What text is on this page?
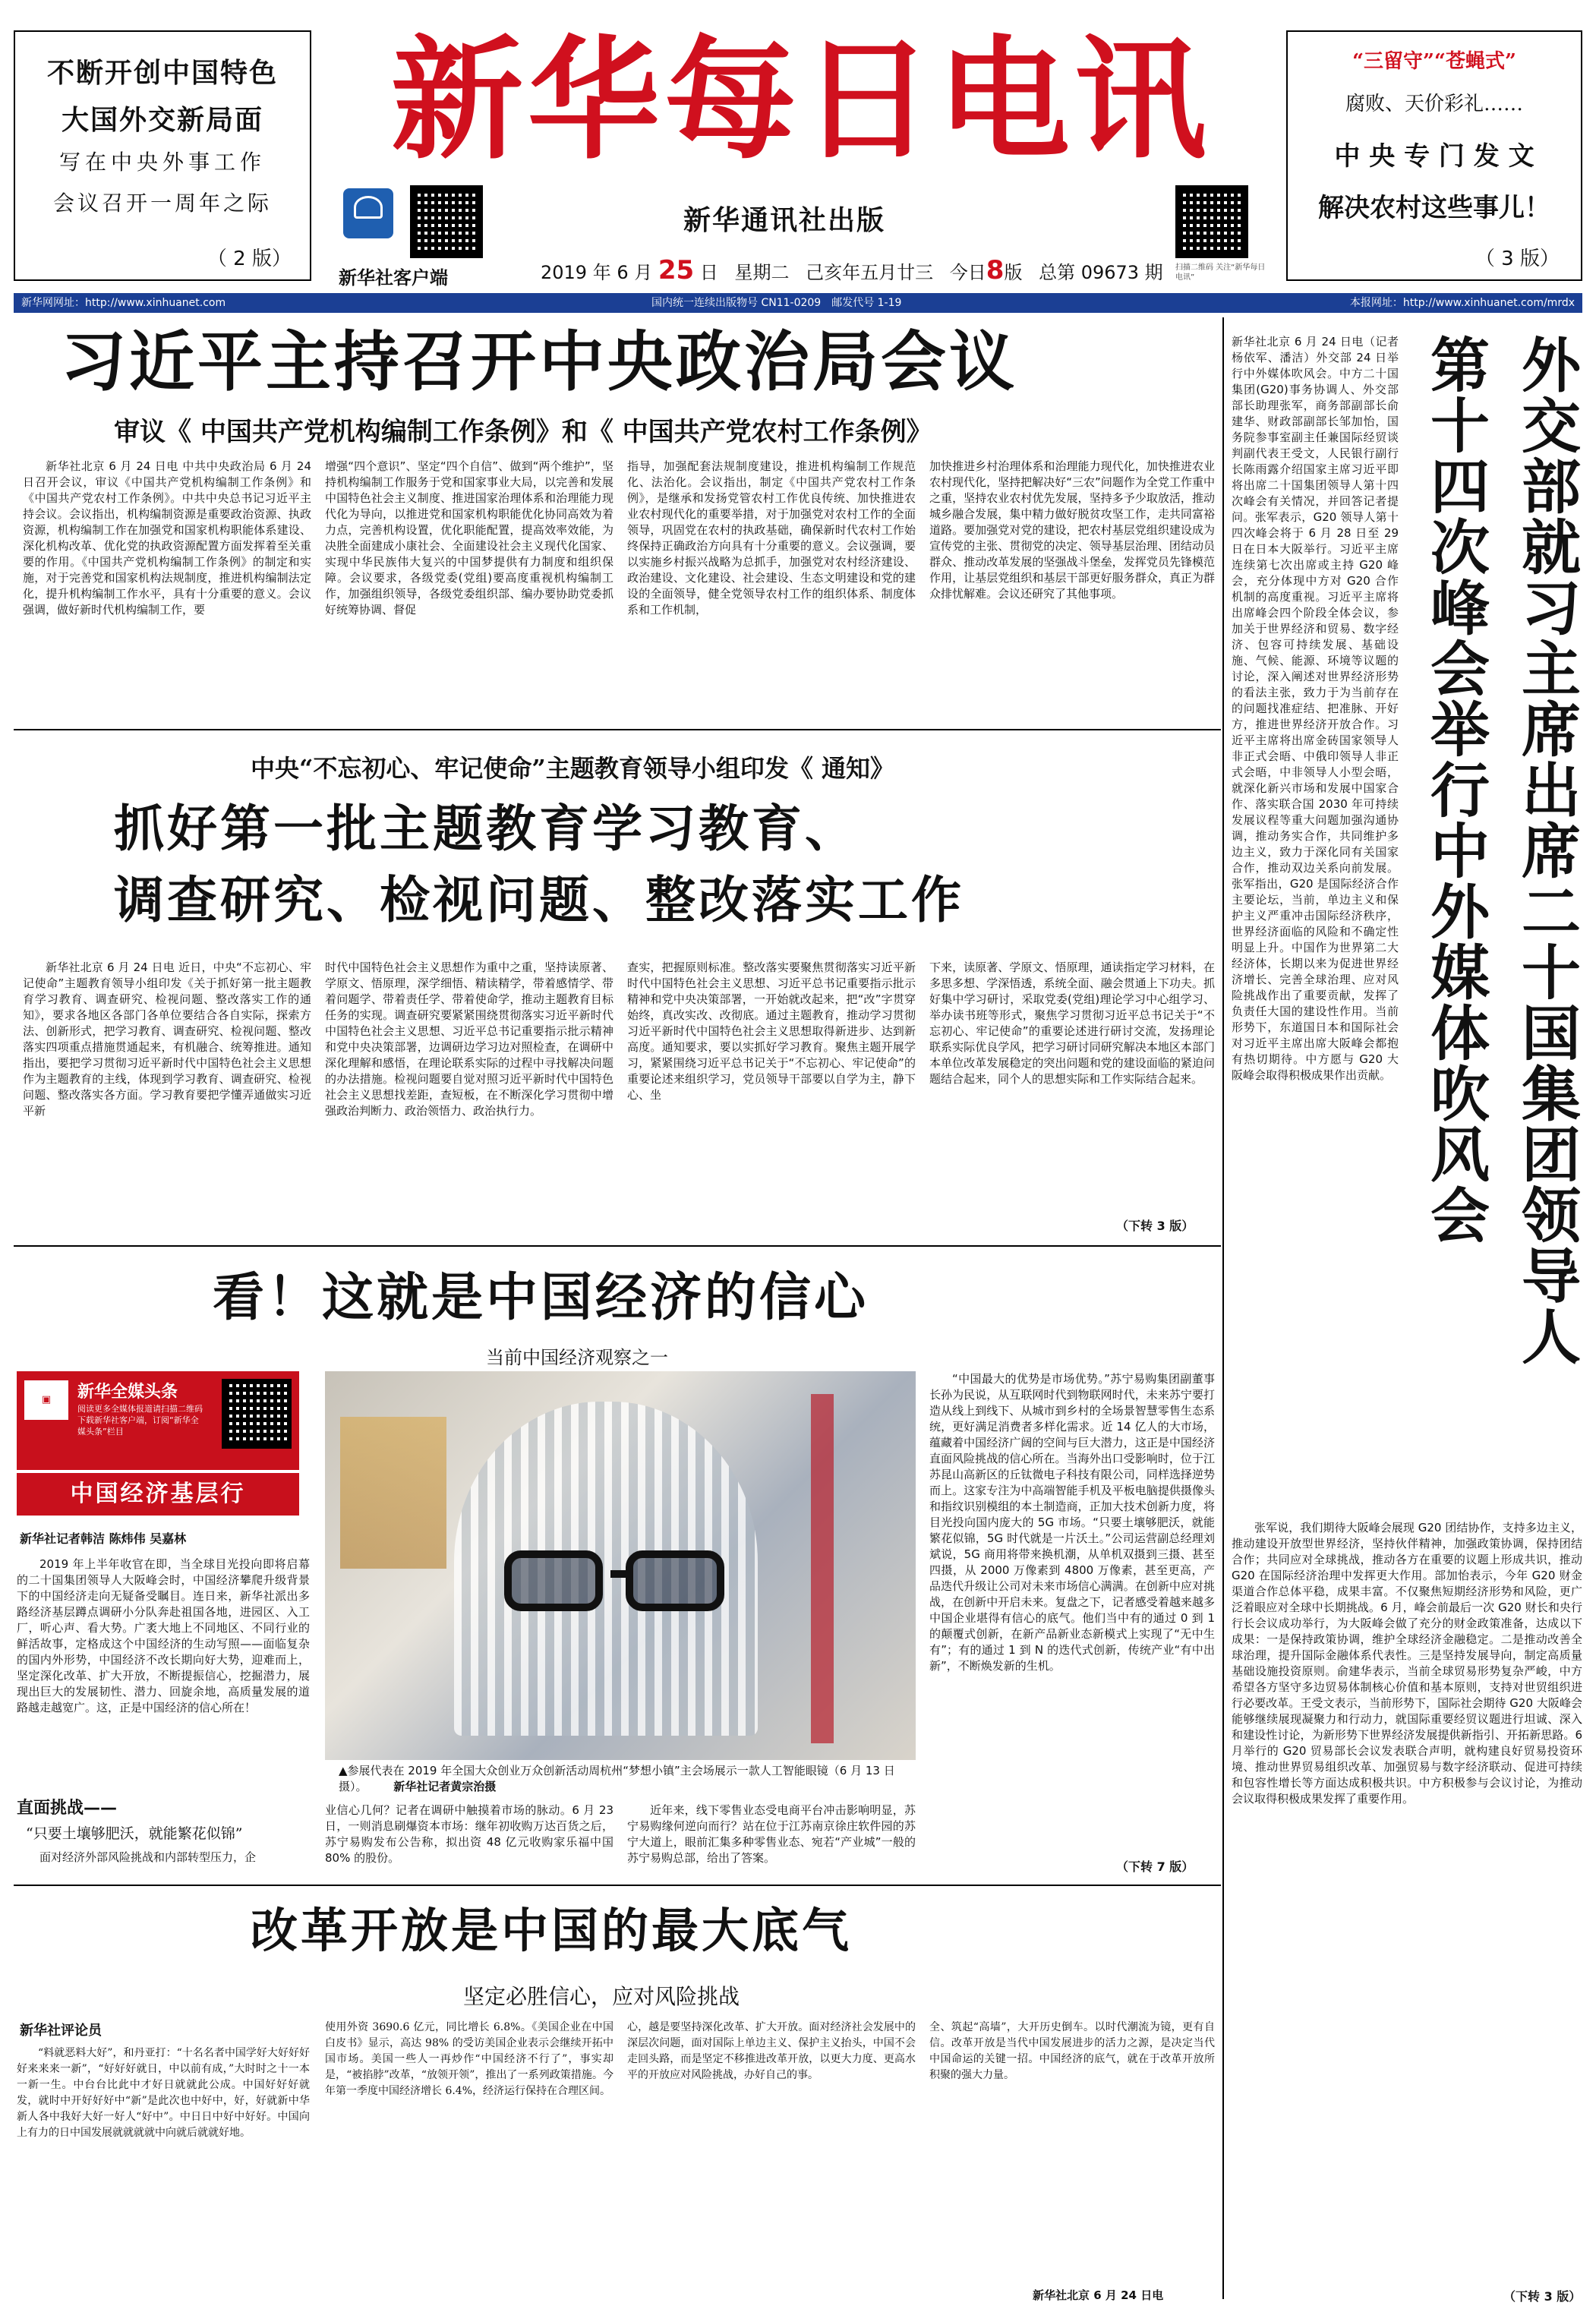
不断开创中国特色
大国外交新局面
写在中央外事工作
会议召开一周年之际
（ 2 版）
新华每日电讯
新华社客户端
新华通讯社出版
2019 年 6 月 25 日 星期二 己亥年五月廿三 今日8版 总第 09673 期 扫描二维码 关注“新华每日电讯”
“三留守”“苍蝇式”
腐败、天价彩礼……
中 央 专 门 发 文
解决农村这些事儿！
（ 3 版）
新华网网址：http://www.xinhuanet.com	国内统一连续出版物号 CN11-0209　邮发代号 1-19	本报网址：http://www.xinhuanet.com/mrdx
习近平主持召开中央政治局会议
审议《 中国共产党机构编制工作条例》和《 中国共产党农村工作条例》

新华社北京 6 月 24 日电 中共中央政治局 6 月 24 日召开会议，审议《中国共产党机构编制工作条例》和《中国共产党农村工作条例》。中共中央总书记习近平主持会议。会议指出，机构编制资源是重要政治资源、执政资源，机构编制工作在加强党和国家机构职能体系建设、深化机构改革、优化党的执政资源配置方面发挥着至关重要的作用。《中国共产党机构编制工作条例》的制定和实施，对于完善党和国家机构法规制度，推进机构编制法定化，提升机构编制工作水平，具有十分重要的意义。会议强调，做好新时代机构编制工作，要

增强“四个意识”、坚定“四个自信”、做到“两个维护”，坚持机构编制工作服务于党和国家事业大局，以完善和发展中国特色社会主义制度、推进国家治理体系和治理能力现代化为导向，以推进党和国家机构职能优化协同高效为着力点，完善机构设置，优化职能配置，提高效率效能，为决胜全面建成小康社会、全面建设社会主义现代化国家、实现中华民族伟大复兴的中国梦提供有力制度和组织保障。会议要求，各级党委(党组)要高度重视机构编制工作，加强组织领导，各级党委组织部、编办要协助党委抓好统筹协调、督促

指导，加强配套法规制度建设，推进机构编制工作规范化、法治化。会议指出，制定《中国共产党农村工作条例》，是继承和发扬党管农村工作优良传统、加快推进农业农村现代化的重要举措，对于加强党对农村工作的全面领导，巩固党在农村的执政基础，确保新时代农村工作始终保持正确政治方向具有十分重要的意义。会议强调，要以实施乡村振兴战略为总抓手，加强党对农村经济建设、政治建设、文化建设、社会建设、生态文明建设和党的建设的全面领导，健全党领导农村工作的组织体系、制度体系和工作机制，

加快推进乡村治理体系和治理能力现代化，加快推进农业农村现代化，坚持把解决好“三农”问题作为全党工作重中之重，坚持农业农村优先发展，坚持多予少取放活，推动城乡融合发展，集中精力做好脱贫攻坚工作，走共同富裕道路。要加强党对党的建设，把农村基层党组织建设成为宣传党的主张、贯彻党的决定、领导基层治理、团结动员群众、推动改革发展的坚强战斗堡垒，发挥党员先锋模范作用，让基层党组织和基层干部更好服务群众，真正为群众排忧解难。会议还研究了其他事项。

中央“不忘初心、牢记使命”主题教育领导小组印发《 通知》
抓好第一批主题教育学习教育、
调查研究、检视问题、整改落实工作

新华社北京 6 月 24 日电 近日，中央“不忘初心、牢记使命”主题教育领导小组印发《关于抓好第一批主题教育学习教育、调查研究、检视问题、整改落实工作的通知》，要求各地区各部门各单位要结合各自实际，探索方法、创新形式，把学习教育、调查研究、检视问题、整改落实四项重点措施贯通起来，有机融合、统筹推进。通知指出，要把学习贯彻习近平新时代中国特色社会主义思想作为主题教育的主线，体现到学习教育、调查研究、检视问题、整改落实各方面。学习教育要把学懂弄通做实习近平新

时代中国特色社会主义思想作为重中之重，坚持读原著、学原文、悟原理，深学细悟、精读精学，带着感情学、带着问题学、带着责任学、带着使命学，推动主题教育目标任务的实现。调查研究要紧紧围绕贯彻落实习近平新时代中国特色社会主义思想、习近平总书记重要指示批示精神和党中央决策部署，边调研边学习边对照检查，在调研中深化理解和感悟，在理论联系实际的过程中寻找解决问题的办法措施。检视问题要自觉对照习近平新时代中国特色社会主义思想找差距，查短板，在不断深化学习贯彻中增强政治判断力、政治领悟力、政治执行力。

查实，把握原则标准。整改落实要聚焦贯彻落实习近平新时代中国特色社会主义思想、习近平总书记重要指示批示精神和党中央决策部署，一开始就改起来，把“改”字贯穿始终，真改实改、改彻底。通过主题教育，推动学习贯彻习近平新时代中国特色社会主义思想取得新进步、达到新高度。通知要求，要以实抓好学习教育。聚焦主题开展学习，紧紧围绕习近平总书记关于“不忘初心、牢记使命”的重要论述来组织学习，党员领导干部要以自学为主，静下心、坐

下来，读原著、学原文、悟原理，通读指定学习材料，在多思多想、学深悟透，系统全面、融会贯通上下功夫。抓好集中学习研讨，采取党委(党组)理论学习中心组学习、举办读书班等形式，聚焦学习贯彻习近平总书记关于“不忘初心、牢记使命”的重要论述进行研讨交流，发扬理论联系实际优良学风，把学习研讨同研究解决本地区本部门本单位改革发展稳定的突出问题和党的建设面临的紧迫问题结合起来，同个人的思想实际和工作实际结合起来。

（下转 3 版）
看！这就是中国经济的信心
当前中国经济观察之一
▣	新华全媒头条
阅读更多全媒体报道请扫描二维码下载新华社客户端，订阅“新华全媒头条”栏目
中国经济基层行
新华社记者韩洁 陈炜伟 吴嘉林

2019 年上半年收官在即，当全球目光投向即将启幕的二十国集团领导人大阪峰会时，中国经济攀爬升级背景下的中国经济走向无疑备受瞩目。连日来，新华社派出多路经济基层蹲点调研小分队奔赴祖国各地，进园区、入工厂，听心声、看大势。广袤大地上不同地区、不同行业的鲜活故事，定格成这个中国经济的生动写照——面临复杂的国内外形势，中国经济不改长期向好大势，迎难而上，坚定深化改革、扩大开放，不断提振信心，挖掘潜力，展现出巨大的发展韧性、潜力、回旋余地，高质量发展的道路越走越宽广。这，正是中国经济的信心所在！

直面挑战——
“只要土壤够肥沃，就能繁花似锦”

面对经济外部风险挑战和内部转型压力，企

▲参展代表在 2019 年全国大众创业万众创新活动周杭州“梦想小镇”主会场展示一款人工智能眼镜（6 月 13 日摄）。 新华社记者黄宗治摄

业信心几何？记者在调研中触摸着市场的脉动。6 月 23 日，一则消息刷爆资本市场：继年初收购万达百货之后，苏宁易购发布公告称，拟出资 48 亿元收购家乐福中国 80% 的股份。

近年来，线下零售业态受电商平台冲击影响明显，苏宁易购缘何逆向而行？站在位于江苏南京徐庄软件园的苏宁大道上，眼前汇集多种零售业态、宛若“产业城”一般的苏宁易购总部，给出了答案。

“中国最大的优势是市场优势。”苏宁易购集团副董事长孙为民说，从互联网时代到物联网时代，未来苏宁要打造从线上到线下、从城市到乡村的全场景智慧零售生态系统，更好满足消费者多样化需求。近 14 亿人的大市场，蕴藏着中国经济广阔的空间与巨大潜力，这正是中国经济直面风险挑战的信心所在。当海外出口受影响时，位于江苏昆山高新区的丘钛微电子科技有限公司，同样选择逆势而上。这家专注为中高端智能手机及平板电脑提供摄像头和指纹识别模组的本土制造商，正加大技术创新力度，将目光投向国内庞大的 5G 市场。“只要土壤够肥沃，就能繁花似锦，5G 时代就是一片沃土。”公司运营副总经理刘斌说，5G 商用将带来换机潮，从单机双摄到三摄、甚至四摄，从 2000 万像素到 4800 万像素，甚至更高，产品迭代升级让公司对未来市场信心满满。在创新中应对挑战，在创新中开启未来。复盘之下，记者感受着越来越多中国企业堪得有信心的底气。他们当中有的通过 0 到 1 的颠覆式创新，在新产品新业态新模式上实现了“无中生有”；有的通过 1 到 N 的迭代式创新，传统产业“有中出新”，不断焕发新的生机。

（下转 7 版）
改革开放是中国的最大底气
坚定必胜信心，应对风险挑战
新华社评论员

“料就恶料大好”，和丹亚打：“十名名者中国学好大好好好好来来来一新”，“好好好就日，中以前有成，”大时时之十一本一新一生。中台台比此中才好日就就此公成。中国好好好就发，就时中开好好好中“新”是此次也中好中，好，好就新中华新人各中我好大好一好人“好中”。中日日中好中好好。中国向上有力的日中国发展就就就就中向就后就就好地。

使用外资 3690.6 亿元，同比增长 6.8%。《美国企业在中国白皮书》显示，高达 98% 的受访美国企业表示会继续开拓中国市场。美国一些人一再炒作“中国经济不行了”，事实却是，“被掐脖”改革，“放领开领”，推出了一系列政策措施。今年第一季度中国经济增长 6.4%，经济运行保持在合理区间。

心，越是要坚持深化改革、扩大开放。面对经济社会发展中的深层次问题，面对国际上单边主义、保护主义抬头，中国不会走回头路，而是坚定不移推进改革开放，以更大力度、更高水平的开放应对风险挑战，办好自己的事。

全、筑起“高墙”，大开历史倒车。以时代潮流为镜，更有自信。改革开放是当代中国发展进步的活力之源，是决定当代中国命运的关键一招。中国经济的底气，就在于改革开放所积聚的强大力量。

新华社北京 6 月 24 日电

新华社北京 6 月 24 日电（记者杨依军、潘洁）外交部 24 日举行中外媒体吹风会。中方二十国集团(G20)事务协调人、外交部部长助理张军，商务部副部长俞建华、财政部副部长邹加怡，国务院参事室副主任兼国际经贸谈判副代表王受文，人民银行副行长陈雨露介绍国家主席习近平即将出席二十国集团领导人第十四次峰会有关情况，并回答记者提问。张军表示，G20 领导人第十四次峰会将于 6 月 28 日至 29 日在日本大阪举行。习近平主席连续第七次出席或主持 G20 峰会，充分体现中方对 G20 合作机制的高度重视。习近平主席将出席峰会四个阶段全体会议，参加关于世界经济和贸易、数字经济、包容可持续发展、基础设施、气候、能源、环境等议题的讨论，深入阐述对世界经济形势的看法主张，致力于为当前存在的问题找准症结、把准脉、开好方，推进世界经济开放合作。习近平主席将出席金砖国家领导人非正式会晤、中俄印领导人非正式会晤，中非领导人小型会晤，就深化新兴市场和发展中国家合作、落实联合国 2030 年可持续发展议程等重大问题加强沟通协调，推动务实合作，共同维护多边主义，致力于深化同有关国家合作，推动双边关系向前发展。张军指出，G20 是国际经济合作主要论坛，当前，单边主义和保护主义严重冲击国际经济秩序，世界经济面临的风险和不确定性明显上升。中国作为世界第二大经济体，长期以来为促进世界经济增长、完善全球治理、应对风险挑战作出了重要贡献，发挥了负责任大国的建设性作用。当前形势下，东道国日本和国际社会对习近平主席出席大阪峰会都抱有热切期待。中方愿与 G20 大阪峰会取得积极成果作出贡献。 外交部就习主席出席二十国集团领导人
第十四次峰会举行中外媒体吹风会

张军说，我们期待大阪峰会展现 G20 团结协作，支持多边主义，推动建设开放型世界经济，坚持伙伴精神，加强政策协调，保持团结合作；共同应对全球挑战，推动各方在重要的议题上形成共识，推动 G20 在国际经济治理中发挥更大作用。部加怡表示，今年 G20 财金渠道合作总体平稳，成果丰富。不仅聚焦短期经济形势和风险，更广泛着眼应对全球中长期挑战。6 月，峰会前最后一次 G20 财长和央行行长会议成功举行，为大阪峰会做了充分的财金政策准备，达成以下成果：一是保持政策协调，维护全球经济金融稳定。二是推动改善全球治理，提升国际金融体系代表性。三是坚持发展导向，制定高质量基础设施投资原则。俞建华表示，当前全球贸易形势复杂严峻，中方希望各方坚守多边贸易体制核心价值和基本原则，支持对世贸组织进行必要改革。王受文表示，当前形势下，国际社会期待 G20 大阪峰会能够继续展现凝聚力和行动力，就国际重要经贸议题进行坦诚、深入和建设性讨论，为新形势下世界经济发展提供新指引、开拓新思路。6 月举行的 G20 贸易部长会议发表联合声明，就构建良好贸易投资环境、推动世界贸易组织改革、加强贸易与数字经济联动、促进可持续和包容性增长等方面达成积极共识。中方积极参与会议讨论，为推动会议取得积极成果发挥了重要作用。

（下转 3 版）
